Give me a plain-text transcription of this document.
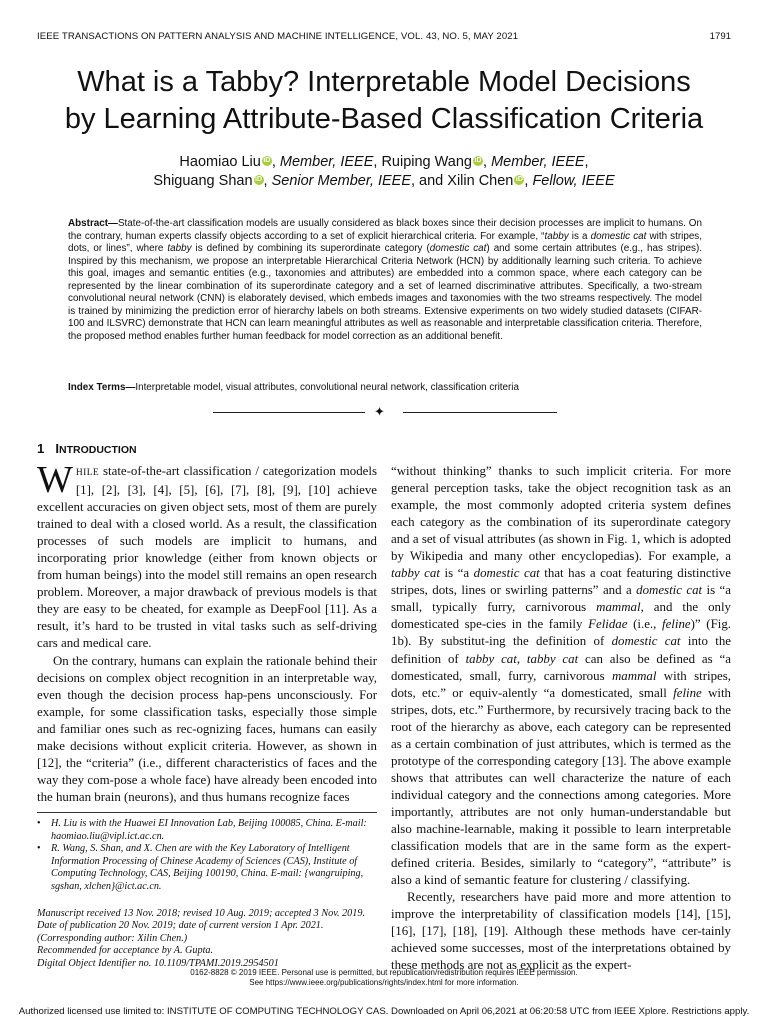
IEEE TRANSACTIONS ON PATTERN ANALYSIS AND MACHINE INTELLIGENCE, VOL. 43, NO. 5, MAY 2021	1791
What is a Tabby? Interpretable Model Decisions
by Learning Attribute-Based Classification Criteria
Haomiao Liu iD , Member, IEEE, Ruiping Wang iD , Member, IEEE,
Shiguang Shan iD , Senior Member, IEEE, and Xilin Chen iD , Fellow, IEEE

Abstract—State-of-the-art classification models are usually considered as black boxes since their decision processes are implicit to humans. On the contrary, human experts classify objects according to a set of explicit hierarchical criteria. For example, “tabby is a domestic cat with stripes, dots, or lines”, where tabby is defined by combining its superordinate category (domestic cat) and some certain attributes (e.g., has stripes). Inspired by this mechanism, we propose an interpretable Hierarchical Criteria Network (HCN) by additionally learning such criteria. To achieve this goal, images and semantic entities (e.g., taxonomies and attributes) are embedded into a common space, where each category can be represented by the linear combination of its superordinate category and a set of learned discriminative attributes. Specifically, a two-stream convolutional neural network (CNN) is elaborately devised, which embeds images and taxonomies with the two streams respectively. The model is trained by minimizing the prediction error of hierarchy labels on both streams. Extensive experiments on two widely studied datasets (CIFAR-100 and ILSVRC) demonstrate that HCN can learn meaningful attributes as well as reasonable and interpretable classification criteria. Therefore, the proposed method enables further human feedback for model correction as an additional benefit.

Index Terms—Interpretable model, visual attributes, convolutional neural network, classification criteria

✦
1 INTRODUCTION

WHILE state-of-the-art classification / categorization models [1], [2], [3], [4], [5], [6], [7], [8], [9], [10] achieve excellent accuracies on given object sets, most of them are purely trained to deal with a closed world. As a result, the classification processes of such models are implicit to humans, and incorporating prior knowledge (either from known objects or from human beings) into the model still remains an open research problem. Moreover, a major drawback of previous models is that they are easy to be cheated, for example as DeepFool [11]. As a result, it’s hard to be trusted in vital tasks such as self-driving cars and medical care.

On the contrary, humans can explain the rationale behind their decisions on complex object recognition in an interpretable way, even though the decision process hap-pens unconsciously. For example, for some classification tasks, especially those simple and familiar ones such as rec-ognizing faces, humans can easily make decisions without explicit criteria. However, as shown in [12], the “criteria” (i.e., different characteristics of faces and the way they com-pose a whole face) have already been encoded into the human brain (neurons), and thus humans recognize faces

• H. Liu is with the Huawei EI Innovation Lab, Beijing 100085, China. E-mail: haomiao.liu@vipl.ict.ac.cn.
• R. Wang, S. Shan, and X. Chen are with the Key Laboratory of Intelligent Information Processing of Chinese Academy of Sciences (CAS), Institute of Computing Technology, CAS, Beijing 100190, China. E-mail: {wangruiping, sgshan, xlchen}@ict.ac.cn.
Manuscript received 13 Nov. 2018; revised 10 Aug. 2019; accepted 3 Nov. 2019. Date of publication 20 Nov. 2019; date of current version 1 Apr. 2021. (Corresponding author: Xilin Chen.)
Recommended for acceptance by A. Gupta.
Digital Object Identifier no. 10.1109/TPAMI.2019.2954501

“without thinking” thanks to such implicit criteria. For more general perception tasks, take the object recognition task as an example, the most commonly adopted criteria system defines each category as the combination of its superordinate category and a set of visual attributes (as shown in Fig. 1, which is adopted by Wikipedia and many other encyclopedias). For example, a tabby cat is “a domestic cat that has a coat featuring distinctive stripes, dots, lines or swirling patterns” and a domestic cat is “a small, typically furry, carnivorous mammal, and the only domesticated spe-cies in the family Felidae (i.e., feline)” (Fig. 1b). By substitut-ing the definition of domestic cat into the definition of tabby cat, tabby cat can also be defined as “a domesticated, small, furry, carnivorous mammal with stripes, dots, etc.” or equiv-alently “a domesticated, small feline with stripes, dots, etc.” Furthermore, by recursively tracing back to the root of the hierarchy as above, each category can be represented as a certain combination of just attributes, which is termed as the prototype of the corresponding category [13]. The above example shows that attributes can well characterize the nature of each individual category and the connections among categories. More importantly, attributes are not only human-understandable but also machine-learnable, making it possible to learn interpretable classification models that are in the same form as the expert-defined criteria. Besides, similarly to “category”, “attribute” is also a kind of semantic feature for clustering / classifying.

Recently, researchers have paid more and more attention to improve the interpretability of classification models [14], [15], [16], [17], [18], [19]. Although these methods have cer-tainly achieved some successes, most of the interpretations obtained by these methods are not as explicit as the expert-

0162-8828 © 2019 IEEE. Personal use is permitted, but republication/redistribution requires IEEE permission.
See https://www.ieee.org/publications/rights/index.html for more information.
Authorized licensed use limited to: INSTITUTE OF COMPUTING TECHNOLOGY CAS. Downloaded on April 06,2021 at 06:20:58 UTC from IEEE Xplore. Restrictions apply.
